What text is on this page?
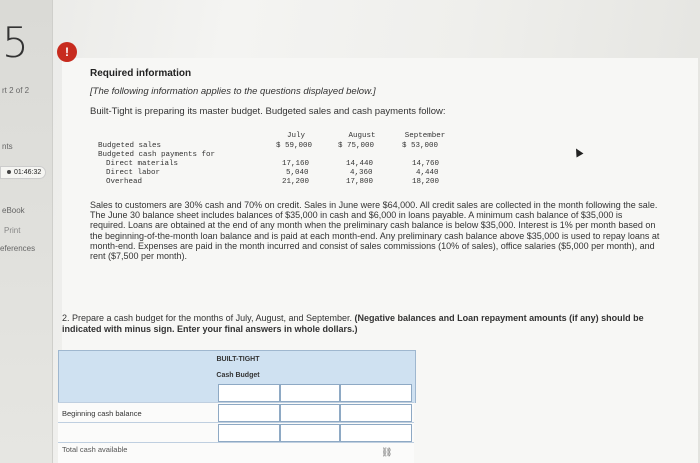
5
rt 2 of 2
nts
01:46:32
eBook
Print
eferences
!
Required information
[The following information applies to the questions displayed below.]
Built-Tight is preparing its master budget. Budgeted sales and cash payments follow:
July	August	September
Budgeted sales	$ 59,000	$ 75,000	$ 53,000
Budgeted cash payments for
Direct materials	17,160	14,440	14,760
Direct labor	5,040	4,360	4,440
Overhead	21,200	17,800	18,200
Sales to customers are 30% cash and 70% on credit. Sales in June were $64,000. All credit sales are collected in the month following the sale. The June 30 balance sheet includes balances of $35,000 in cash and $6,000 in loans payable. A minimum cash balance of $35,000 is required. Loans are obtained at the end of any month when the preliminary cash balance is below $35,000. Interest is 1% per month based on the beginning-of-the-month loan balance and is paid at each month-end. Any preliminary cash balance above $35,000 is used to repay loans at month-end. Expenses are paid in the month incurred and consist of sales commissions (10% of sales), office salaries ($5,000 per month), and rent ($7,500 per month).
2. Prepare a cash budget for the months of July, August, and September. (Negative balances and Loan repayment amounts (if any) should be indicated with minus sign. Enter your final answers in whole dollars.)
BUILT-TIGHT
Cash Budget
Beginning cash balance
Total cash available	⛓
